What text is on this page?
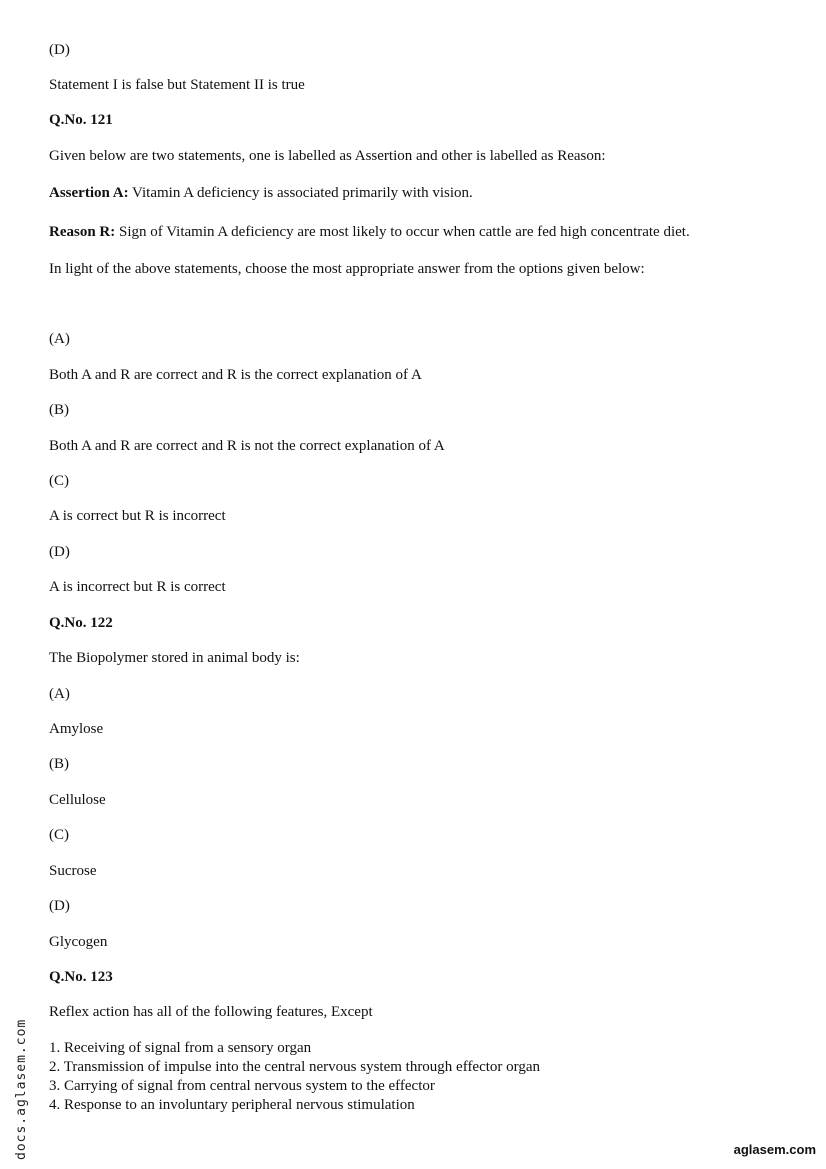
(D)
Statement I is false but Statement II is true
Q.No. 121
Given below are two statements, one is labelled as Assertion and other is labelled as Reason:
Assertion A: Vitamin A deficiency is associated primarily with vision.
Reason R: Sign of Vitamin A deficiency are most likely to occur when cattle are fed high concentrate diet.
In light of the above statements, choose the most appropriate answer from the options given below:
(A)
Both A and R are correct and R is the correct explanation of A
(B)
Both A and R are correct and R is not the correct explanation of A
(C)
A is correct but R is incorrect
(D)
A is incorrect but R is correct
Q.No. 122
The Biopolymer stored in animal body is:
(A)
Amylose
(B)
Cellulose
(C)
Sucrose
(D)
Glycogen
Q.No. 123
Reflex action has all of the following features, Except
1. Receiving of signal from a sensory organ
2. Transmission of impulse into the central nervous system through effector organ
3. Carrying of signal from central nervous system to the effector
4. Response to an involuntary peripheral nervous stimulation
docs.aglasem.com	aglasem.com
